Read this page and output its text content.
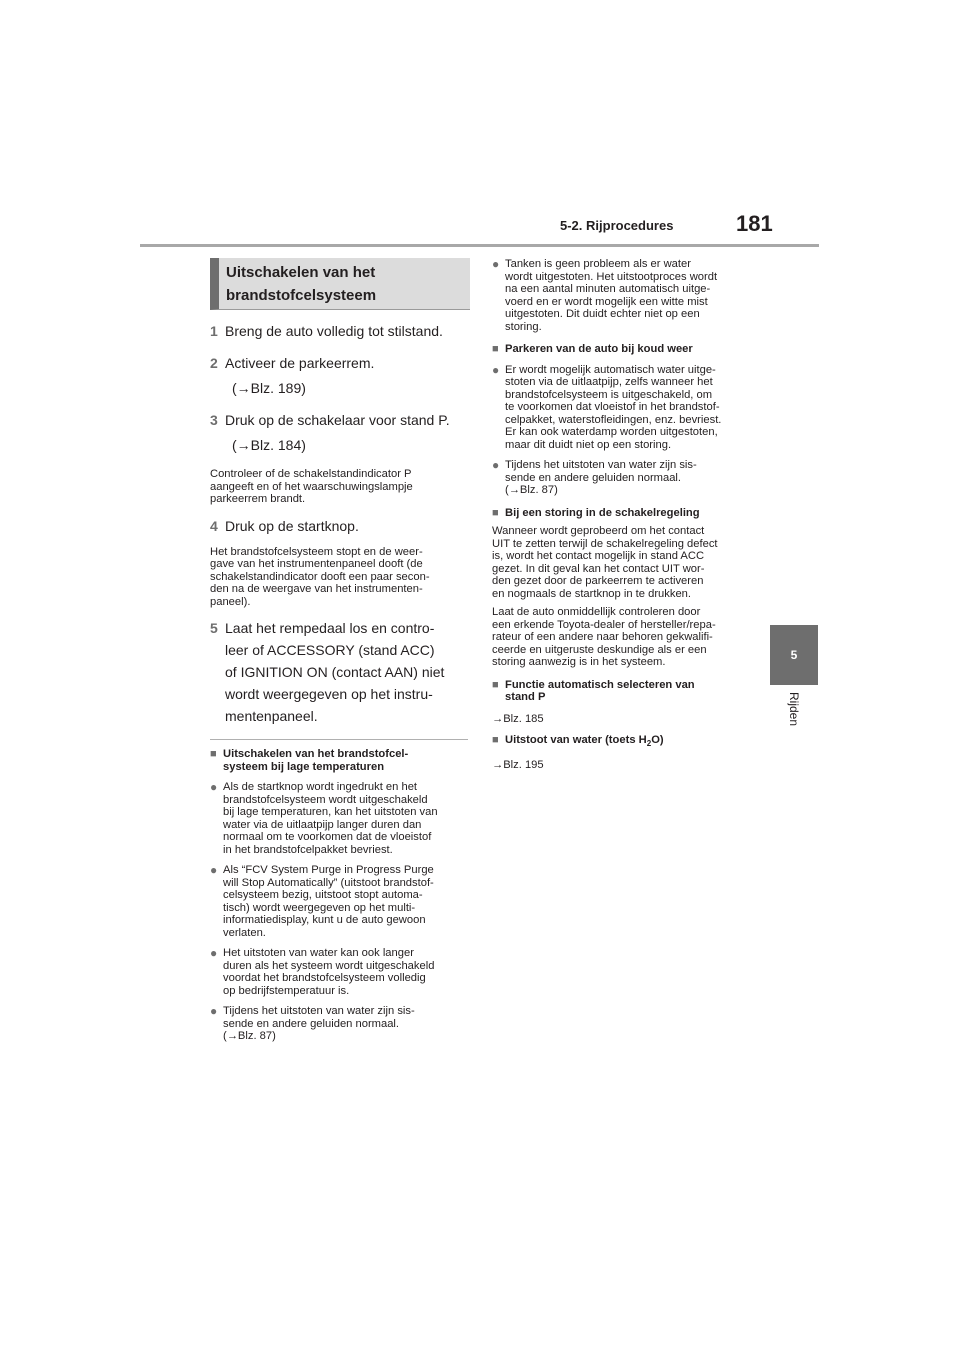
5-2. Rijprocedures	181
5
Rijden
Uitschakelen van het
brandstofcelsysteem
1 Breng de auto volledig tot stilstand.
2 Activeer de parkeerrem.
(→Blz. 189)
3 Druk op de schakelaar voor stand P.
(→Blz. 184)
Controleer of de schakelstandindicator P
aangeeft en of het waarschuwingslampje
parkeerrem brandt.
4 Druk op de startknop.
Het brandstofcelsysteem stopt en de weer-
gave van het instrumentenpaneel dooft (de
schakelstandindicator dooft een paar secon-
den na de weergave van het instrumenten-
paneel).
5 Laat het rempedaal los en contro-
leer of ACCESSORY (stand ACC)
of IGNITION ON (contact AAN) niet
wordt weergegeven op het instru-
mentenpaneel.
■ Uitschakelen van het brandstofcel-
systeem bij lage temperaturen
● Als de startknop wordt ingedrukt en het
brandstofcelsysteem wordt uitgeschakeld
bij lage temperaturen, kan het uitstoten van
water via de uitlaatpijp langer duren dan
normaal om te voorkomen dat de vloeistof
in het brandstofcelpakket bevriest.
● Als “FCV System Purge in Progress Purge
will Stop Automatically” (uitstoot brandstof-
celsysteem bezig, uitstoot stopt automa-
tisch) wordt weergegeven op het multi-
informatiedisplay, kunt u de auto gewoon
verlaten.
● Het uitstoten van water kan ook langer
duren als het systeem wordt uitgeschakeld
voordat het brandstofcelsysteem volledig
op bedrijfstemperatuur is.
● Tijdens het uitstoten van water zijn sis-
sende en andere geluiden normaal.
(→Blz. 87)
● Tanken is geen probleem als er water
wordt uitgestoten. Het uitstootproces wordt
na een aantal minuten automatisch uitge-
voerd en er wordt mogelijk een witte mist
uitgestoten. Dit duidt echter niet op een
storing.
■ Parkeren van de auto bij koud weer
● Er wordt mogelijk automatisch water uitge-
stoten via de uitlaatpijp, zelfs wanneer het
brandstofcelsysteem is uitgeschakeld, om
te voorkomen dat vloeistof in het brandstof-
celpakket, waterstofleidingen, enz. bevriest.
Er kan ook waterdamp worden uitgestoten,
maar dit duidt niet op een storing.
● Tijdens het uitstoten van water zijn sis-
sende en andere geluiden normaal.
(→Blz. 87)
■ Bij een storing in de schakelregeling
Wanneer wordt geprobeerd om het contact
UIT te zetten terwijl de schakelregeling defect
is, wordt het contact mogelijk in stand ACC
gezet. In dit geval kan het contact UIT wor-
den gezet door de parkeerrem te activeren
en nogmaals de startknop in te drukken.
Laat de auto onmiddellijk controleren door
een erkende Toyota-dealer of hersteller/repa-
rateur of een andere naar behoren gekwalifi-
ceerde en uitgeruste deskundige als er een
storing aanwezig is in het systeem.
■ Functie automatisch selecteren van
stand P
→Blz. 185
■ Uitstoot van water (toets $H_2O$)
→Blz. 195
